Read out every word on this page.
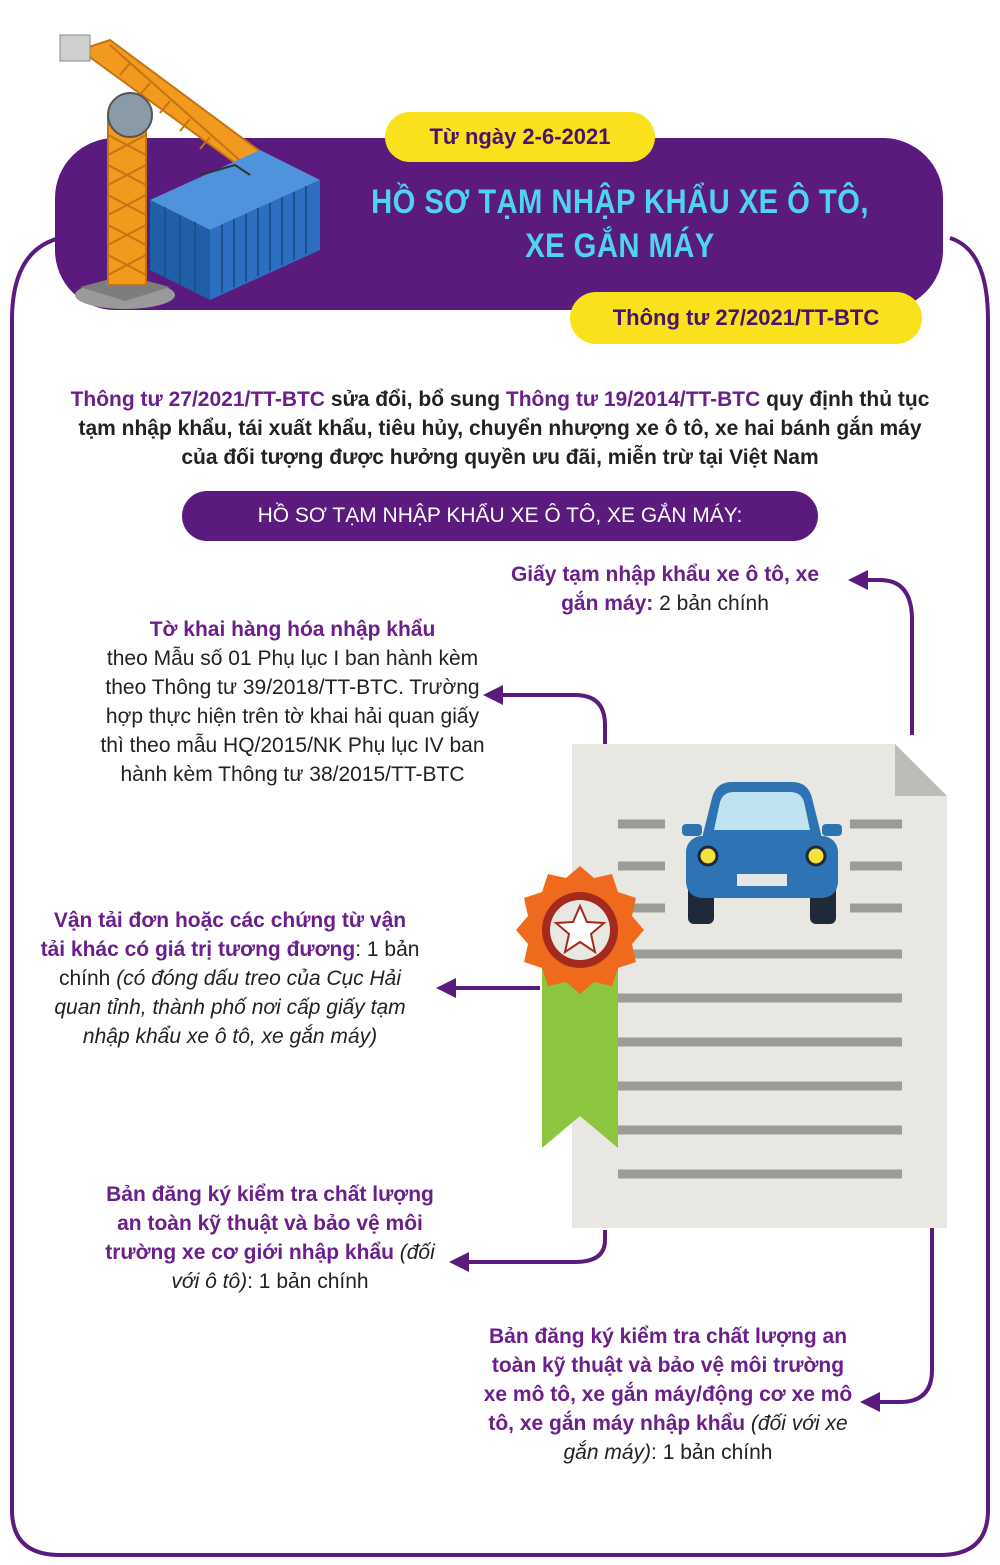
Từ ngày 2-6-2021
HỒ SƠ TẠM NHẬP KHẨU XE Ô TÔ,
XE GẮN MÁY
Thông tư 27/2021/TT-BTC
Thông tư 27/2021/TT-BTC sửa đổi, bổ sung Thông tư 19/2014/TT-BTC quy định thủ tục tạm nhập khẩu, tái xuất khẩu, tiêu hủy, chuyển nhượng xe ô tô, xe hai bánh gắn máy của đối tượng được hưởng quyền ưu đãi, miễn trừ tại Việt Nam
HỒ SƠ TẠM NHẬP KHẨU XE Ô TÔ, XE GẮN MÁY:
Giấy tạm nhập khẩu xe ô tô, xe gắn máy: 2 bản chính
Tờ khai hàng hóa nhập khẩu
theo Mẫu số 01 Phụ lục I ban hành kèm theo Thông tư 39/2018/TT-BTC. Trường hợp thực hiện trên tờ khai hải quan giấy thì theo mẫu HQ/2015/NK Phụ lục IV ban hành kèm Thông tư 38/2015/TT-BTC
Vận tải đơn hoặc các chứng từ vận tải khác có giá trị tương đương: 1 bản chính (có đóng dấu treo của Cục Hải quan tỉnh, thành phố nơi cấp giấy tạm nhập khẩu xe ô tô, xe gắn máy)
Bản đăng ký kiểm tra chất lượng an toàn kỹ thuật và bảo vệ môi trường xe cơ giới nhập khẩu (đối với ô tô): 1 bản chính
Bản đăng ký kiểm tra chất lượng an toàn kỹ thuật và bảo vệ môi trường xe mô tô, xe gắn máy/động cơ xe mô tô, xe gắn máy nhập khẩu (đối với xe gắn máy): 1 bản chính
